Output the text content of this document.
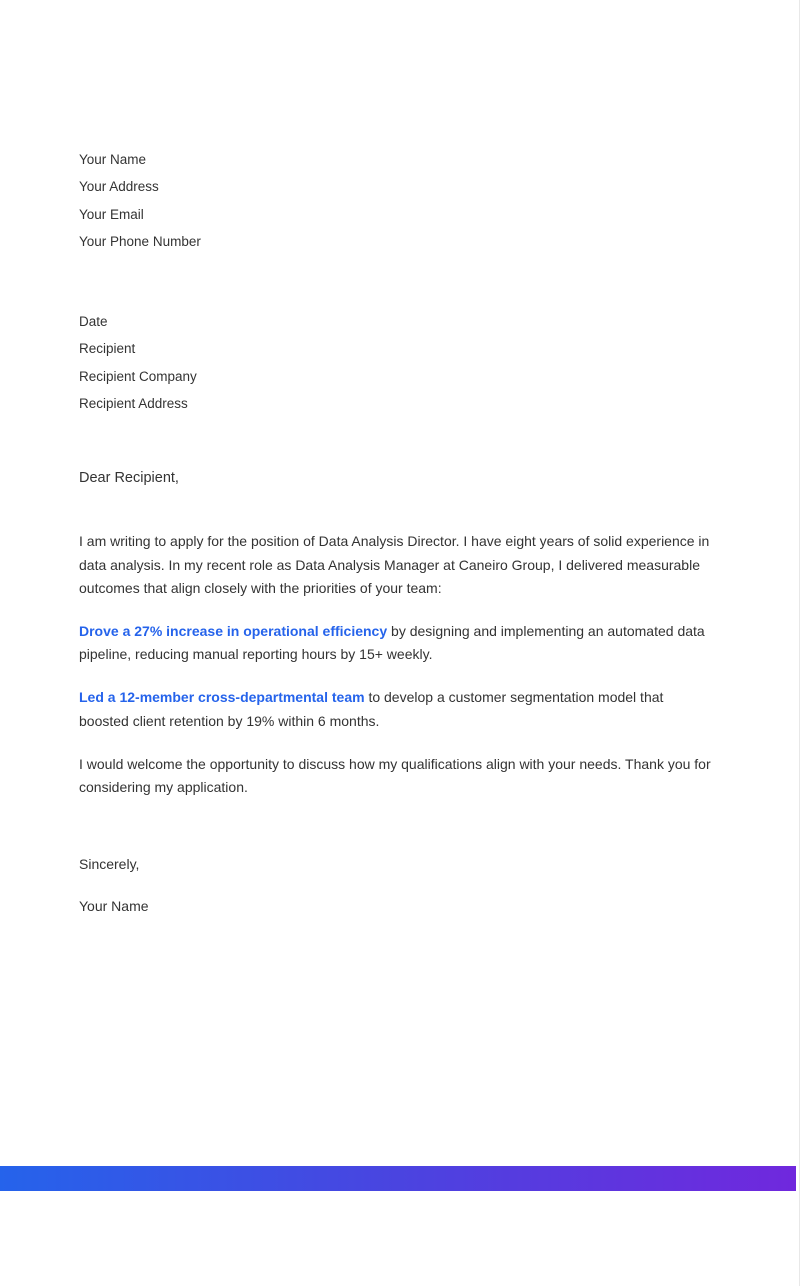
Your Name
Your Address
Your Email
Your Phone Number
Date
Recipient
Recipient Company
Recipient Address
Dear Recipient,

I am writing to apply for the position of Data Analysis Director. I have eight years of solid experience in data analysis. In my recent role as Data Analysis Manager at Caneiro Group, I delivered measurable outcomes that align closely with the priorities of your team:

Drove a 27% increase in operational efficiency by designing and implementing an automated data pipeline, reducing manual reporting hours by 15+ weekly.

Led a 12-member cross-departmental team to develop a customer segmentation model that boosted client retention by 19% within 6 months.

I would welcome the opportunity to discuss how my qualifications align with your needs. Thank you for considering my application.

Sincerely,
Your Name
